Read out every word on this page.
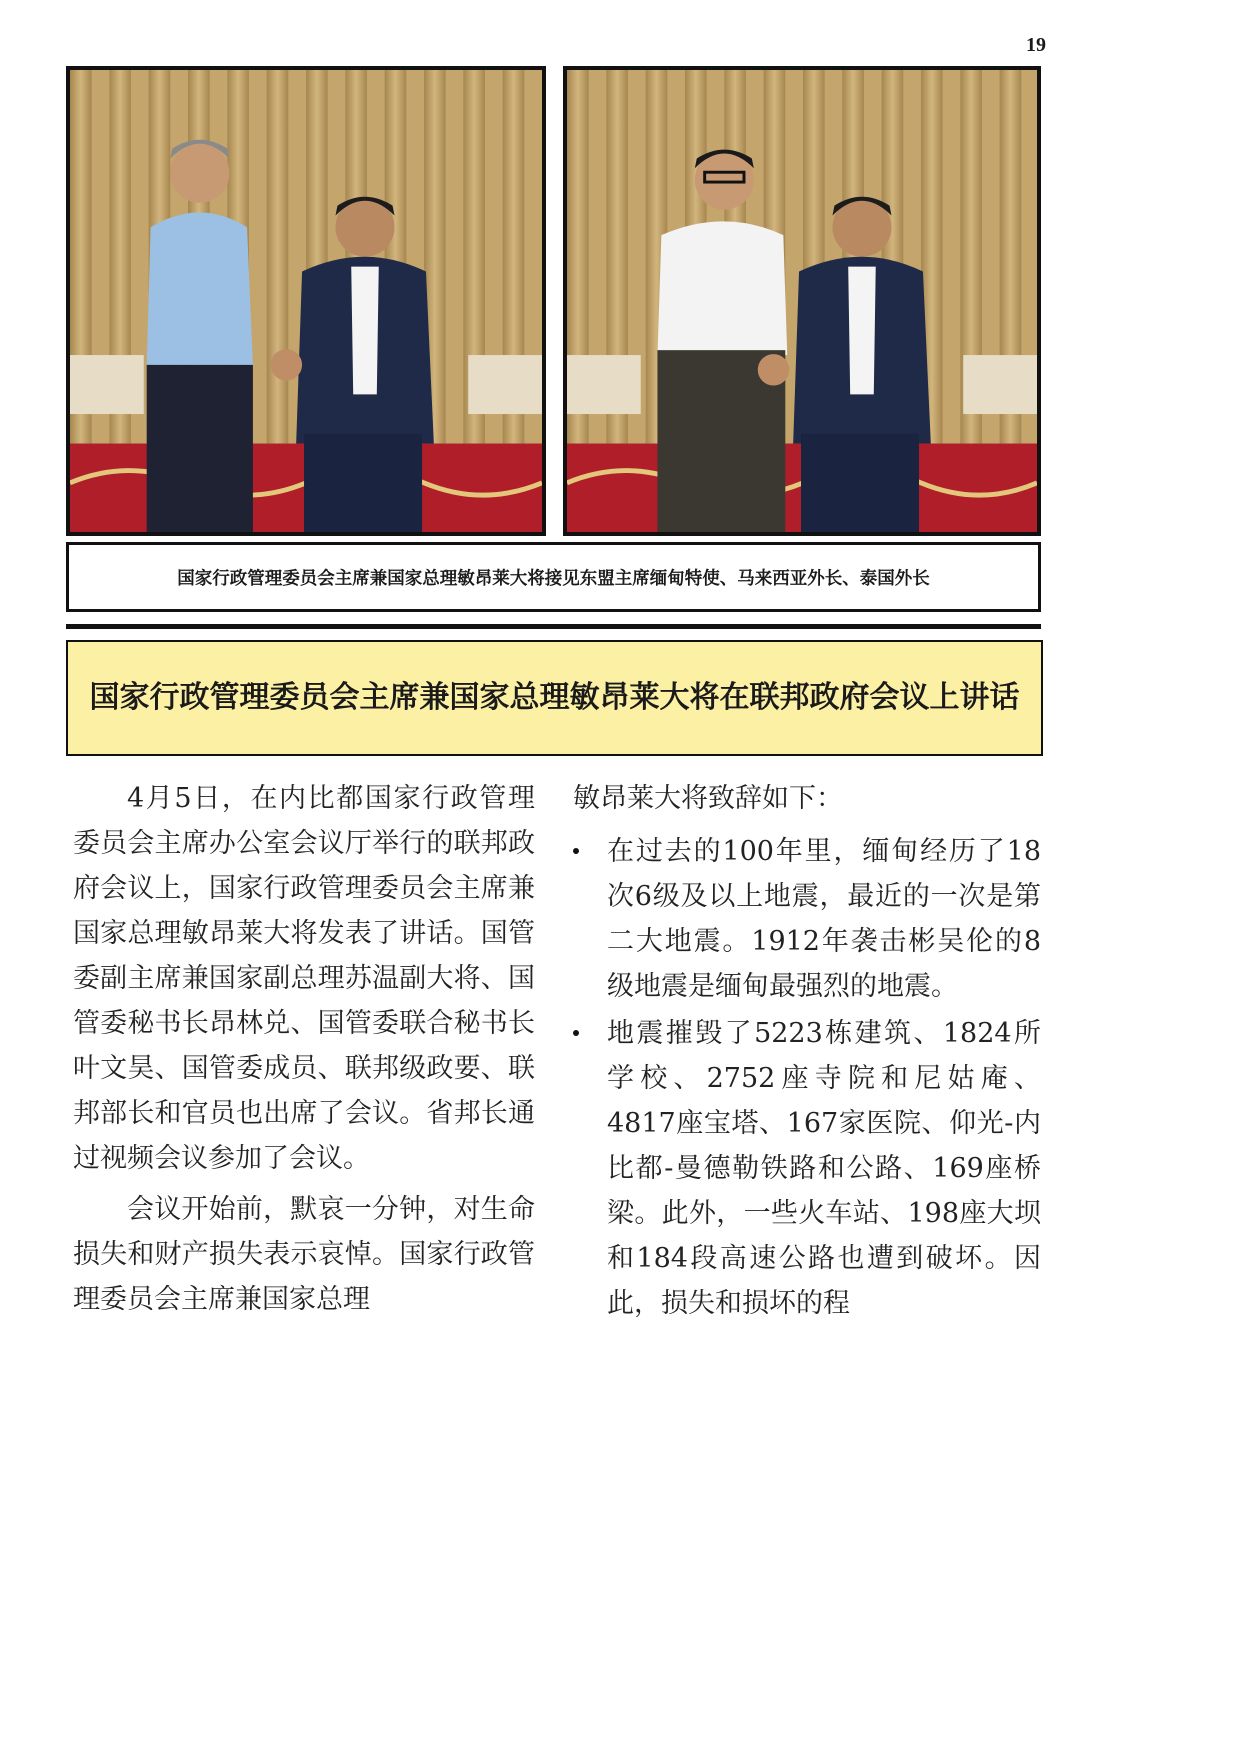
19
国家行政管理委员会主席兼国家总理敏昂莱大将接见东盟主席缅甸特使、马来西亚外长、泰国外长
国家行政管理委员会主席兼国家总理敏昂莱大将在联邦政府会议上讲话

4月5日，在内比都国家行政管理委员会主席办公室会议厅举行的联邦政府会议上，国家行政管理委员会主席兼国家总理敏昂莱大将发表了讲话。国管委副主席兼国家副总理苏温副大将、国管委秘书长昂林兑、国管委联合秘书长叶文昊、国管委成员、联邦级政要、联邦部长和官员也出席了会议。省邦长通过视频会议参加了会议。

会议开始前，默哀一分钟，对生命损失和财产损失表示哀悼。国家行政管理委员会主席兼国家总理

敏昂莱大将致辞如下：

在过去的100年里，缅甸经历了18次6级及以上地震，最近的一次是第二大地震。1912年袭击彬吴伦的8级地震是缅甸最强烈的地震。
地震摧毁了5223栋建筑、1824所学校、2752座寺院和尼姑庵、4817座宝塔、167家医院、仰光-内比都-曼德勒铁路和公路、169座桥梁。此外，一些火车站、198座大坝和184段高速公路也遭到破坏。因此，损失和损坏的程
